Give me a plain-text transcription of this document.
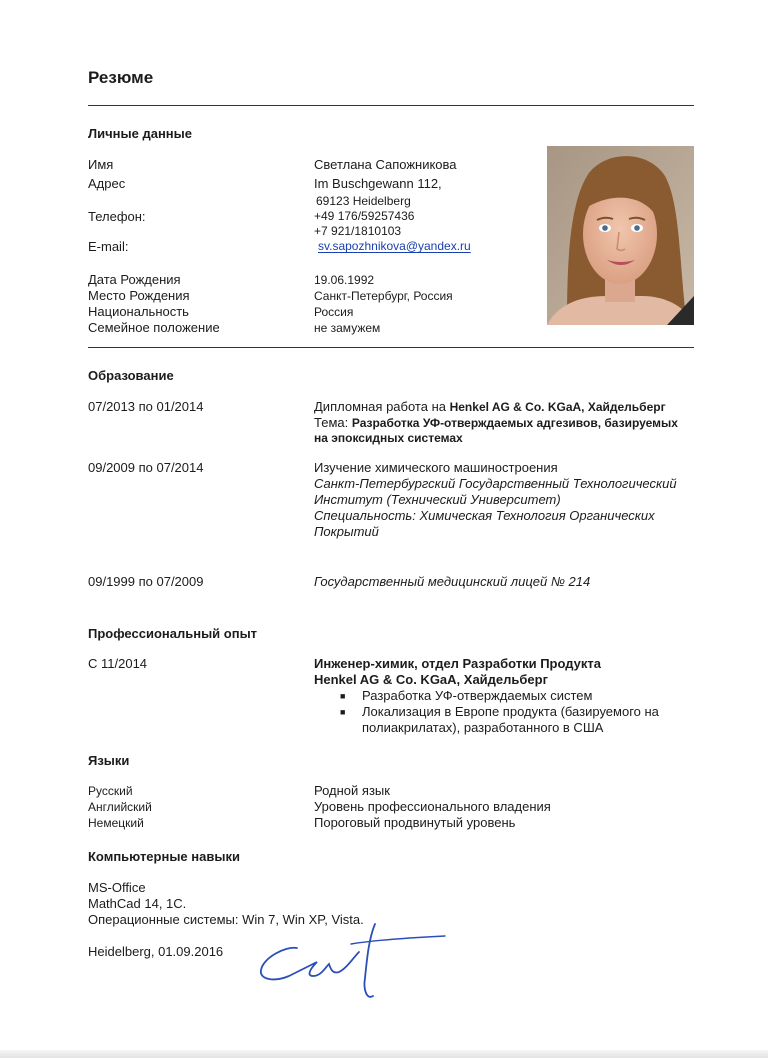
Резюме
Личные данные
Имя	Светлана Сапожникова
Адрес	Im Buschgewann 112,
69123 Heidelberg
Телефон:	+49 176/59257436
+7 921/1810103
E-mail:	sv.sapozhnikova@yandex.ru
Дата Рождения	19.06.1992
Место Рождения	Санкт-Петербург, Россия
Национальность	Россия
Семейное положение	не замужем
Образование
07/2013 по 01/2014	Дипломная работа на Henkel AG & Co. KGaA, Хайдельберг
Тема: Разработка УФ-отверждаемых адгезивов, базируемых
на эпоксидных системах
09/2009 по 07/2014	Изучение химического машиностроения
Санкт-Петербургский Государственный Технологический
Институт (Технический Университет)
Специальность: Химическая Технология Органических
Покрытий
09/1999 по 07/2009	Государственный медицинский лицей № 214
Профессиональный опыт
С 11/2014	Инженер-химик, отдел Разработки Продукта
Henkel AG & Co. KGaA, Хайдельберг
■ Разработка УФ-отверждаемых систем
■ Локализация в Европе продукта (базируемого на
полиакрилатах), разработанного в США
Языки
Русский	Родной язык
Английский	Уровень профессионального владения
Немецкий	Пороговый продвинутый уровень
Компьютерные навыки
MS-Office
MathCad 14, 1C.
Операционные системы: Win 7, Win XP, Vista.
Heidelberg, 01.09.2016
